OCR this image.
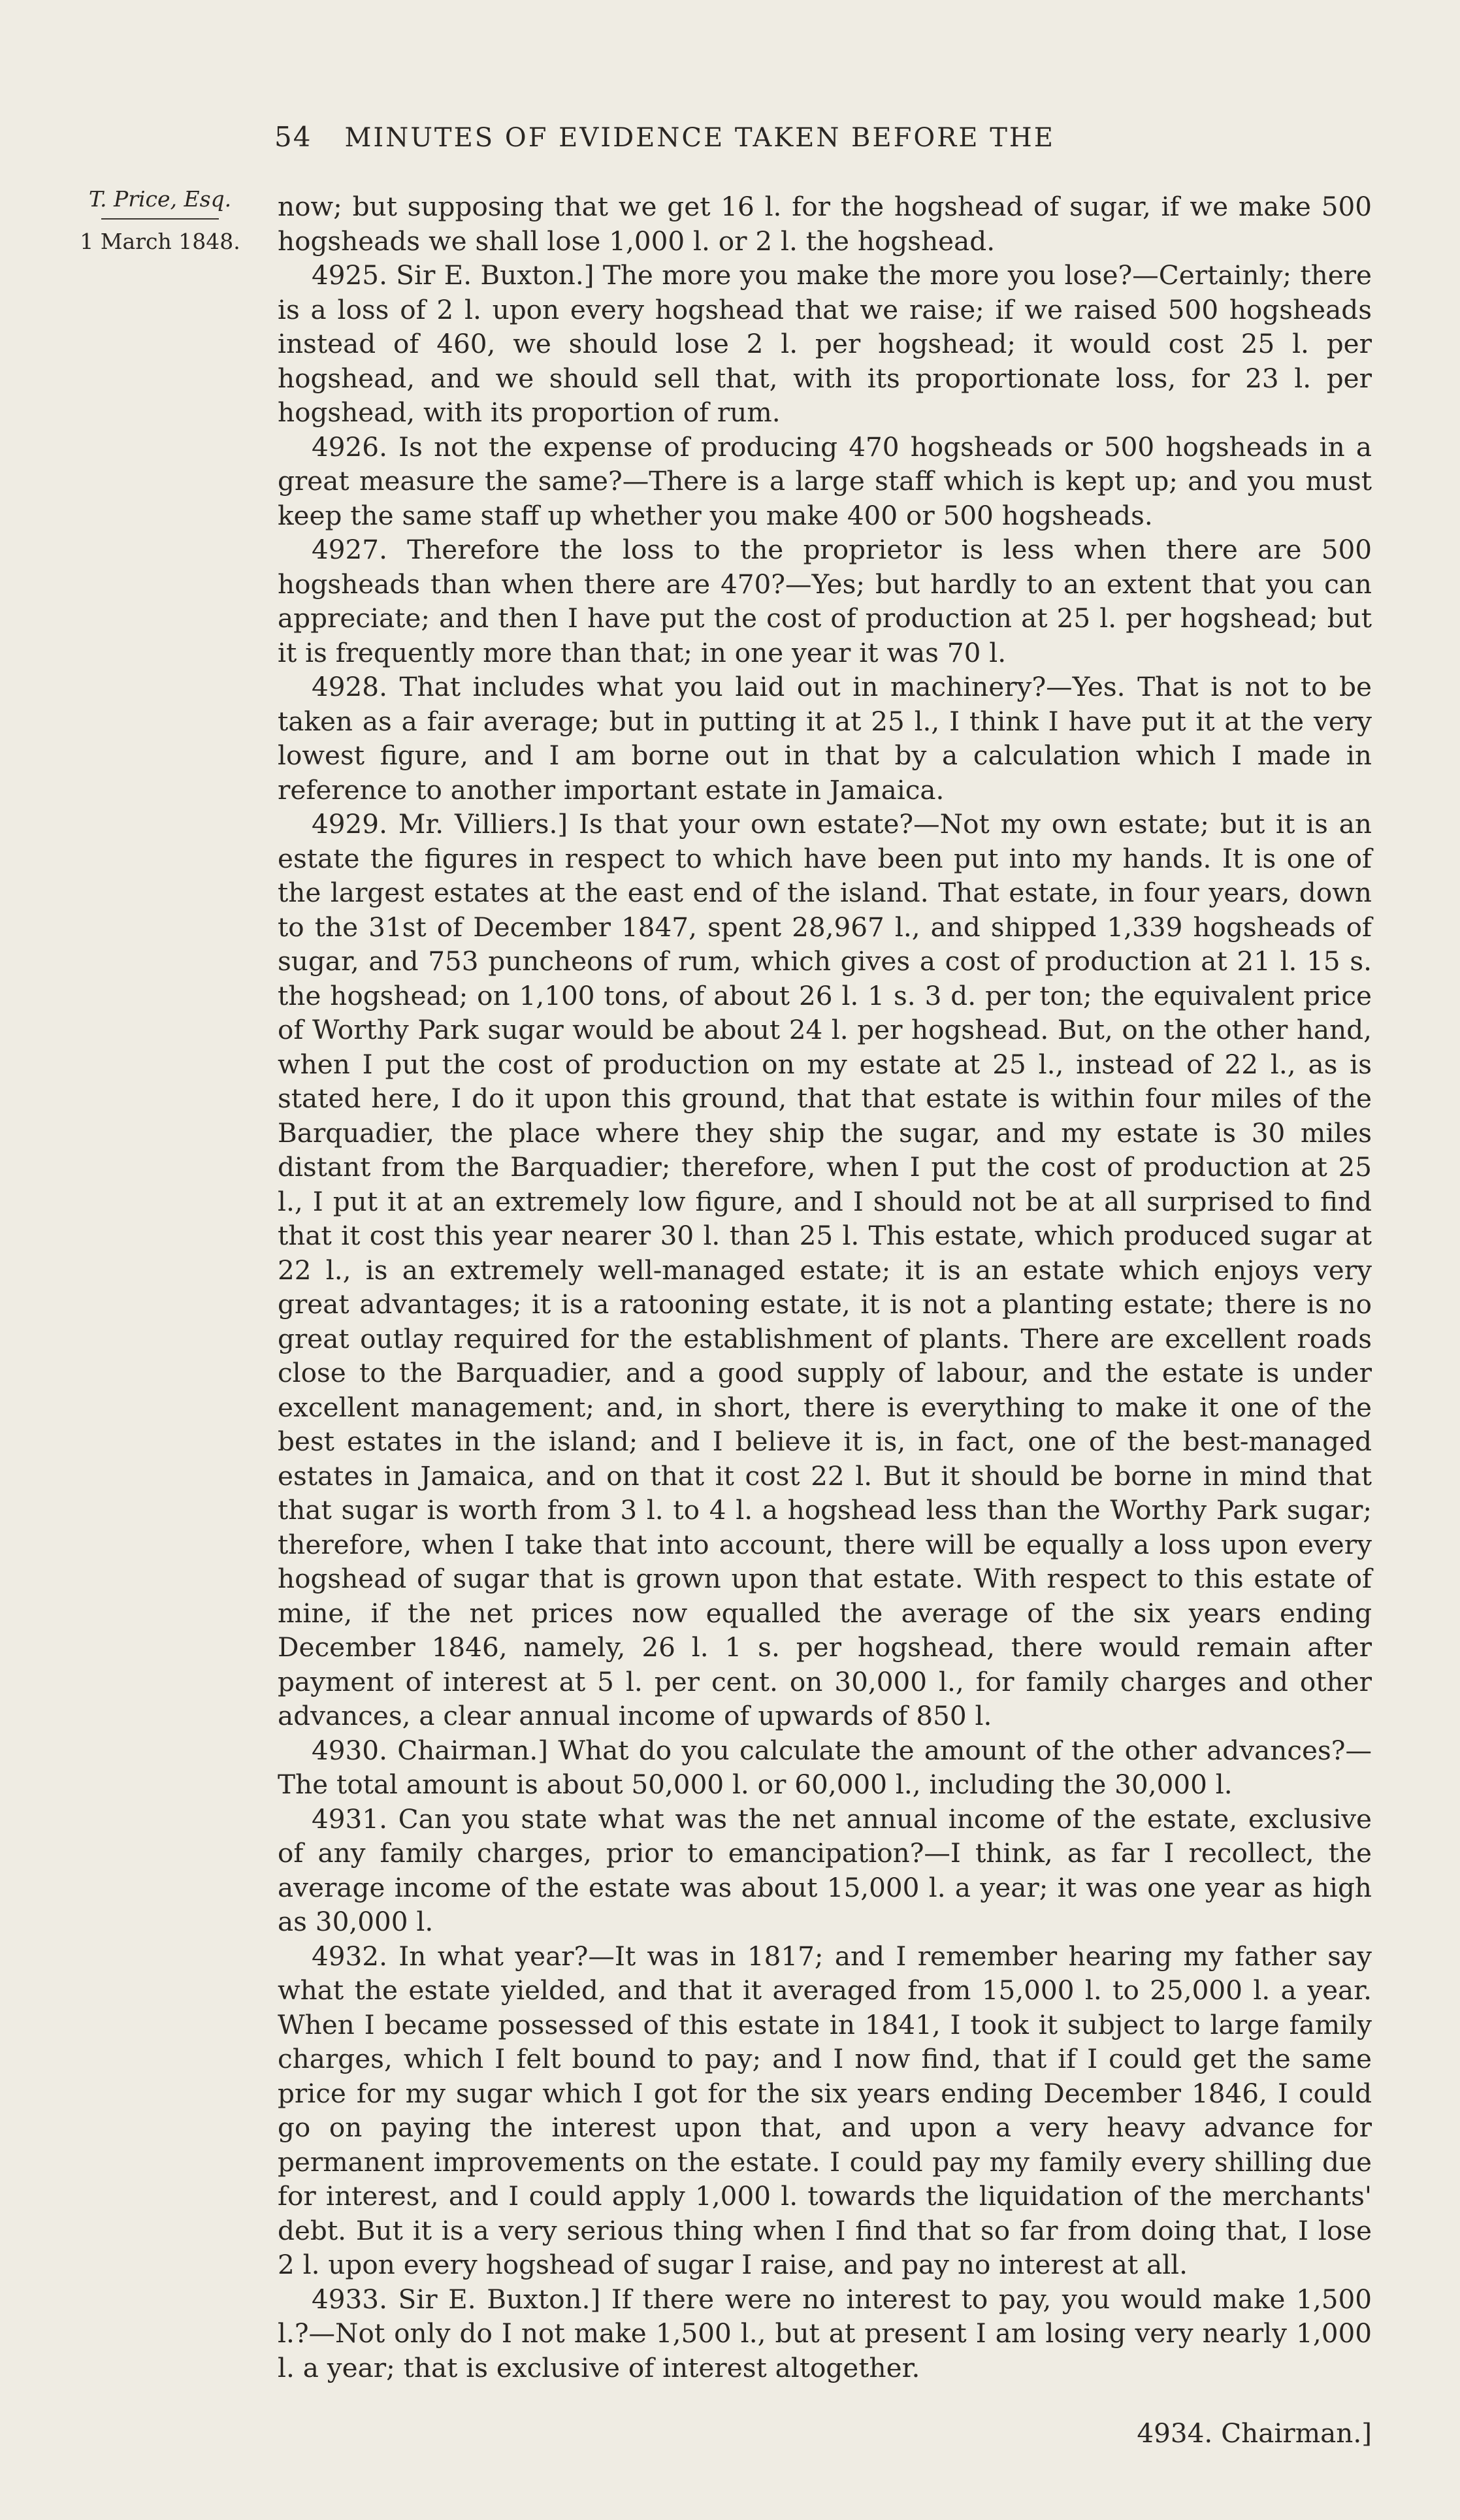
54 MINUTES OF EVIDENCE TAKEN BEFORE THE
T. Price, Esq.
1 March 1848.

now; but supposing that we get 16 l. for the hogshead of sugar, if we make 500 hogsheads we shall lose 1,000 l. or 2 l. the hogshead.

4925. Sir E. Buxton.] The more you make the more you lose?—Certainly; there is a loss of 2 l. upon every hogshead that we raise; if we raised 500 hogsheads instead of 460, we should lose 2 l. per hogshead; it would cost 25 l. per hogshead, and we should sell that, with its proportionate loss, for 23 l. per hogshead, with its proportion of rum.

4926. Is not the expense of producing 470 hogsheads or 500 hogsheads in a great measure the same?—There is a large staff which is kept up; and you must keep the same staff up whether you make 400 or 500 hogsheads.

4927. Therefore the loss to the proprietor is less when there are 500 hogsheads than when there are 470?—Yes; but hardly to an extent that you can appreciate; and then I have put the cost of production at 25 l. per hogshead; but it is frequently more than that; in one year it was 70 l.

4928. That includes what you laid out in machinery?—Yes. That is not to be taken as a fair average; but in putting it at 25 l., I think I have put it at the very lowest figure, and I am borne out in that by a calculation which I made in reference to another important estate in Jamaica.

4929. Mr. Villiers.] Is that your own estate?—Not my own estate; but it is an estate the figures in respect to which have been put into my hands. It is one of the largest estates at the east end of the island. That estate, in four years, down to the 31st of December 1847, spent 28,967 l., and shipped 1,339 hogsheads of sugar, and 753 puncheons of rum, which gives a cost of production at 21 l. 15 s. the hogshead; on 1,100 tons, of about 26 l. 1 s. 3 d. per ton; the equivalent price of Worthy Park sugar would be about 24 l. per hogshead. But, on the other hand, when I put the cost of production on my estate at 25 l., instead of 22 l., as is stated here, I do it upon this ground, that that estate is within four miles of the Barquadier, the place where they ship the sugar, and my estate is 30 miles distant from the Barquadier; therefore, when I put the cost of production at 25 l., I put it at an extremely low figure, and I should not be at all surprised to find that it cost this year nearer 30 l. than 25 l. This estate, which produced sugar at 22 l., is an extremely well-managed estate; it is an estate which enjoys very great advantages; it is a ratooning estate, it is not a planting estate; there is no great outlay required for the establishment of plants. There are excellent roads close to the Barquadier, and a good supply of labour, and the estate is under excellent management; and, in short, there is everything to make it one of the best estates in the island; and I believe it is, in fact, one of the best-managed estates in Jamaica, and on that it cost 22 l. But it should be borne in mind that that sugar is worth from 3 l. to 4 l. a hogshead less than the Worthy Park sugar; therefore, when I take that into account, there will be equally a loss upon every hogshead of sugar that is grown upon that estate. With respect to this estate of mine, if the net prices now equalled the average of the six years ending December 1846, namely, 26 l. 1 s. per hogshead, there would remain after payment of interest at 5 l. per cent. on 30,000 l., for family charges and other advances, a clear annual income of upwards of 850 l.

4930. Chairman.] What do you calculate the amount of the other advances?—The total amount is about 50,000 l. or 60,000 l., including the 30,000 l.

4931. Can you state what was the net annual income of the estate, exclusive of any family charges, prior to emancipation?—I think, as far I recollect, the average income of the estate was about 15,000 l. a year; it was one year as high as 30,000 l.

4932. In what year?—It was in 1817; and I remember hearing my father say what the estate yielded, and that it averaged from 15,000 l. to 25,000 l. a year. When I became possessed of this estate in 1841, I took it subject to large family charges, which I felt bound to pay; and I now find, that if I could get the same price for my sugar which I got for the six years ending December 1846, I could go on paying the interest upon that, and upon a very heavy advance for permanent improvements on the estate. I could pay my family every shilling due for interest, and I could apply 1,000 l. towards the liquidation of the merchants' debt. But it is a very serious thing when I find that so far from doing that, I lose 2 l. upon every hogshead of sugar I raise, and pay no interest at all.

4933. Sir E. Buxton.] If there were no interest to pay, you would make 1,500 l.?—Not only do I not make 1,500 l., but at present I am losing very nearly 1,000 l. a year; that is exclusive of interest altogether.

4934. Chairman.]
